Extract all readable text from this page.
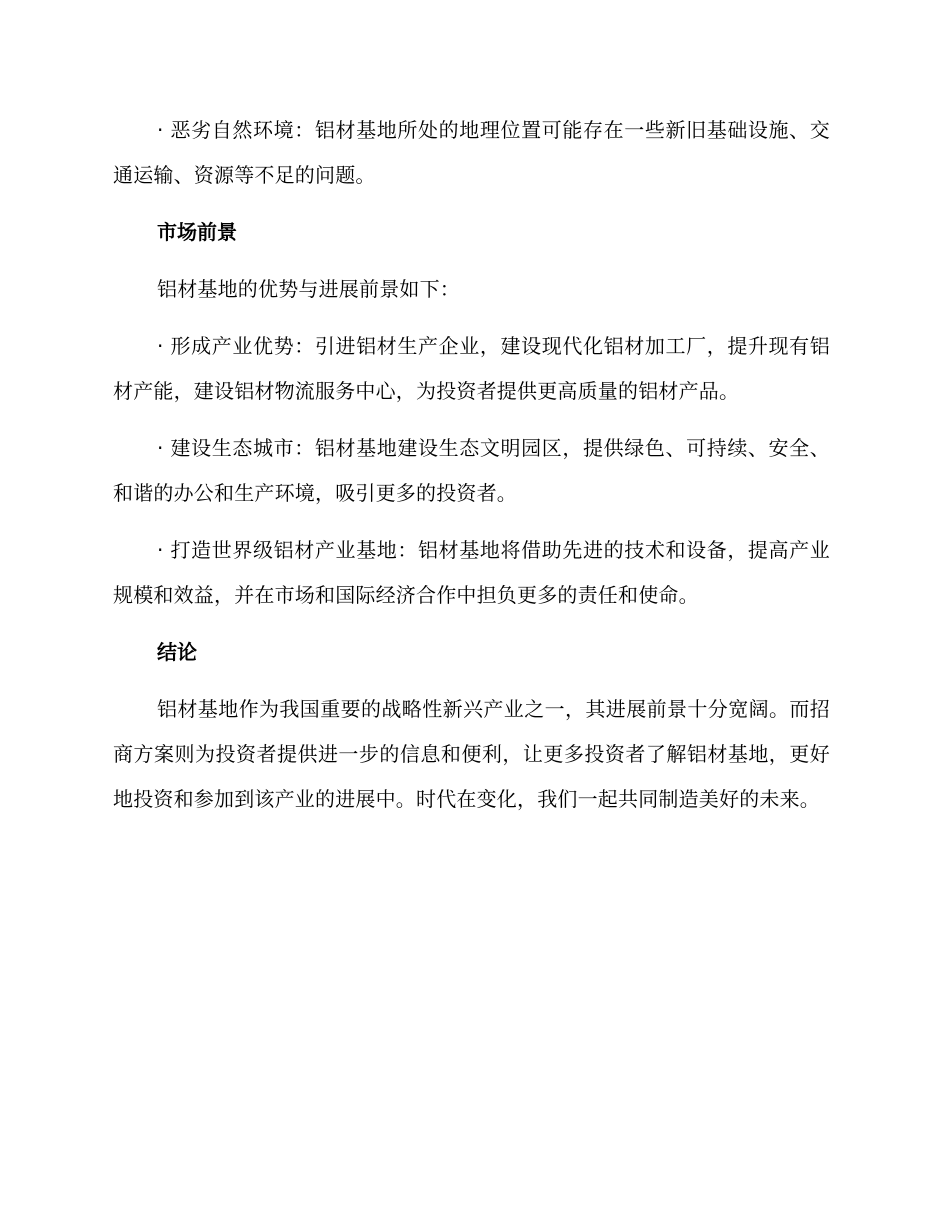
· 恶劣自然环境：铝材基地所处的地理位置可能存在一些新旧基础设施、交通运输、资源等不足的问题。

市场前景

铝材基地的优势与进展前景如下：

· 形成产业优势：引进铝材生产企业，建设现代化铝材加工厂，提升现有铝材产能，建设铝材物流服务中心，为投资者提供更高质量的铝材产品。

· 建设生态城市：铝材基地建设生态文明园区，提供绿色、可持续、安全、和谐的办公和生产环境，吸引更多的投资者。

· 打造世界级铝材产业基地：铝材基地将借助先进的技术和设备，提高产业规模和效益，并在市场和国际经济合作中担负更多的责任和使命。

结论

铝材基地作为我国重要的战略性新兴产业之一，其进展前景十分宽阔。而招商方案则为投资者提供进一步的信息和便利，让更多投资者了解铝材基地，更好地投资和参加到该产业的进展中。时代在变化，我们一起共同制造美好的未来。
